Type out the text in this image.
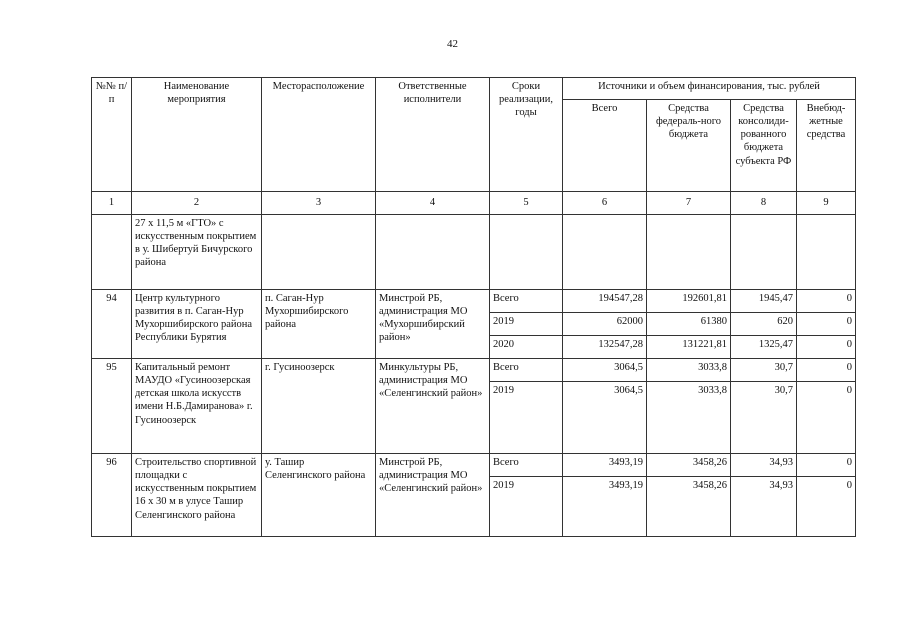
42
№№ п/п	Наименование мероприятия	Месторасположение	Ответственные исполнители	Сроки реализации, годы	Источники и объем финансирования, тыс. рублей			
					Всего	Средства федераль-ного бюджета	Средства консолиди-рованного бюджета субъекта РФ	Внебюд-жетные средства
1	2	3	4	5	6	7	8	9
	27 х 11,5 м «ГТО» с искусственным покрытием в у. Шибертуй Бичурского района							
94	Центр культурного развития в п. Саган-Нур Мухоршибирского района Республики Бурятия	п. Саган-Нур Мухоршибирского района	Минстрой РБ, администрация МО «Мухоршибирский район»	Всего	194547,28	192601,81	1945,47	0
				2019	62000	61380	620	0
				2020	132547,28	131221,81	1325,47	0
95	Капитальный ремонт МАУДО «Гусиноозерская детская школа искусств имени Н.Б.Дамиранова» г. Гусиноозерск	г. Гусиноозерск	Минкультуры РБ, администрация МО «Селенгинский район»	Всего	3064,5	3033,8	30,7	0
				2019	3064,5	3033,8	30,7	0
96	Строительство спортивной площадки с искусственным покрытием 16 х 30 м в улусе Ташир Селенгинского района	у. Ташир Селенгинского района	Минстрой РБ, администрация МО «Селенгинский район»	Всего	3493,19	3458,26	34,93	0
				2019	3493,19	3458,26	34,93	0
